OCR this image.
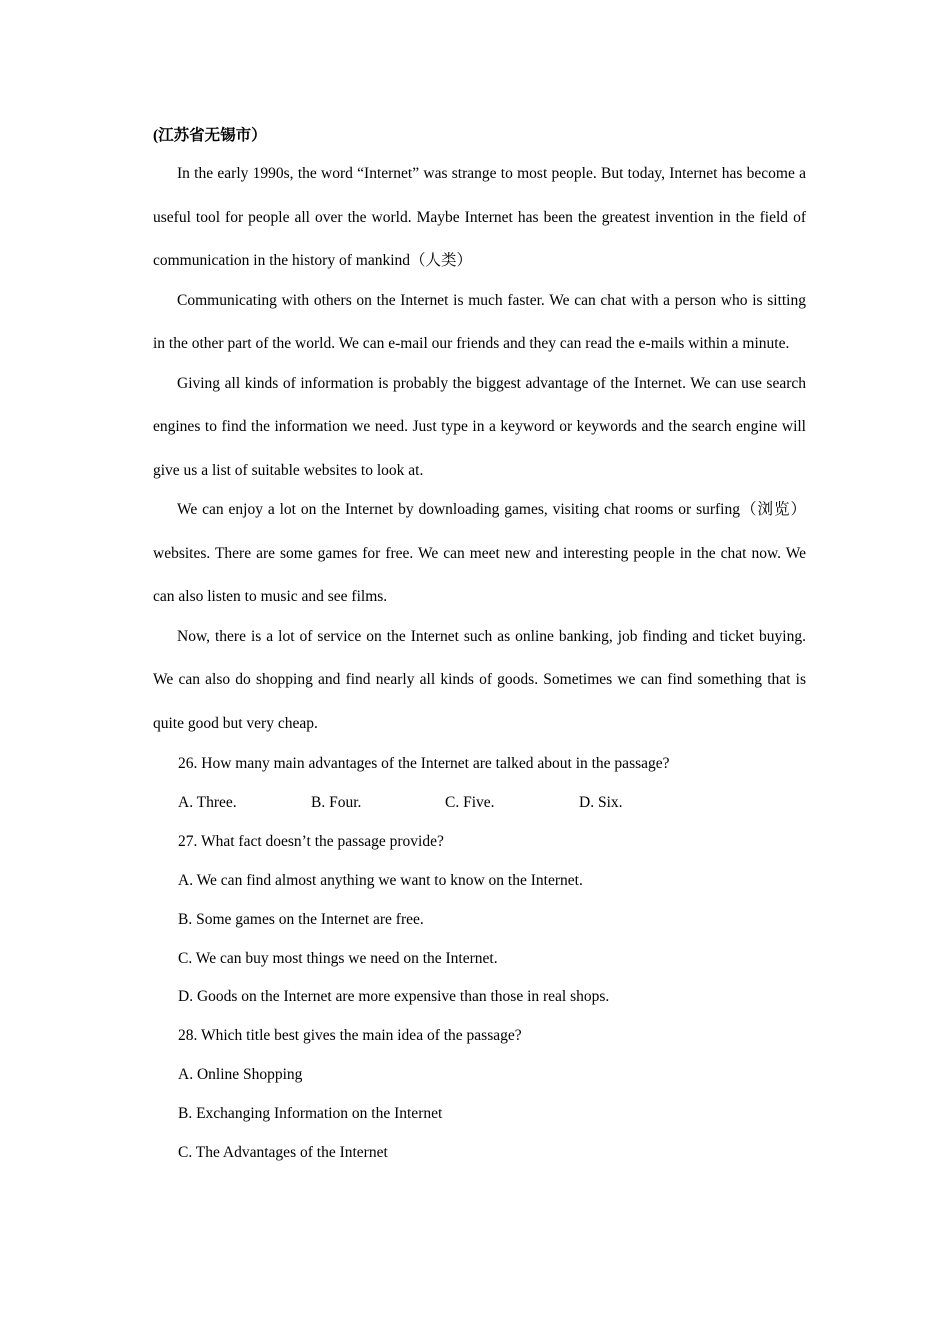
(江苏省无锡市）

In the early 1990s, the word “Internet” was strange to most people. But today, Internet has become a useful tool for people all over the world. Maybe Internet has been the greatest invention in the field of communication in the history of mankind（人类）

Communicating with others on the Internet is much faster. We can chat with a person who is sitting in the other part of the world. We can e-mail our friends and they can read the e-mails within a minute.

Giving all kinds of information is probably the biggest advantage of the Internet. We can use search engines to find the information we need. Just type in a keyword or keywords and the search engine will give us a list of suitable websites to look at.

We can enjoy a lot on the Internet by downloading games, visiting chat rooms or surfing（浏览）websites. There are some games for free. We can meet new and interesting people in the chat now. We can also listen to music and see films.

Now, there is a lot of service on the Internet such as online banking, job finding and ticket buying. We can also do shopping and find nearly all kinds of goods. Sometimes we can find something that is quite good but very cheap.

26. How many main advantages of the Internet are talked about in the passage?

A. Three.	B. Four.	C. Five.	D. Six.

27. What fact doesn’t the passage provide?

A. We can find almost anything we want to know on the Internet.

B. Some games on the Internet are free.

C. We can buy most things we need on the Internet.

D. Goods on the Internet are more expensive than those in real shops.

28. Which title best gives the main idea of the passage?

A. Online Shopping

B. Exchanging Information on the Internet

C. The Advantages of the Internet
